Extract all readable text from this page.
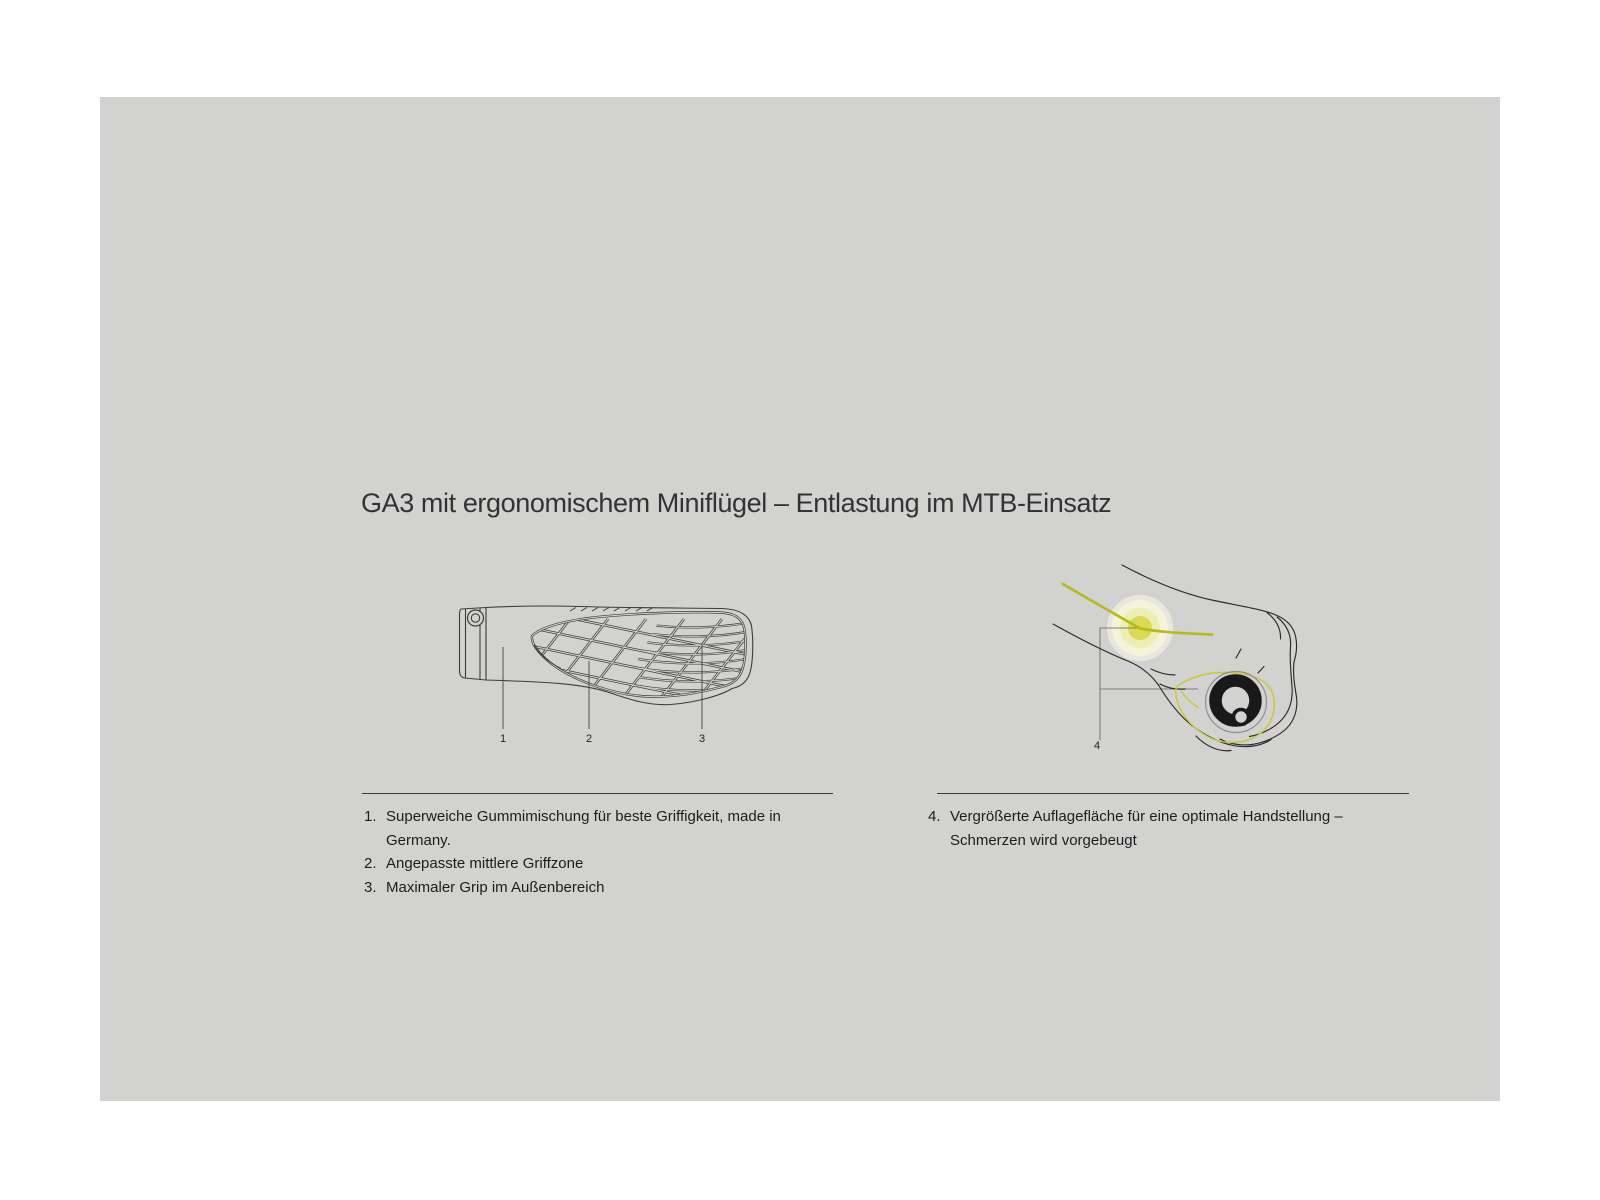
GA3 mit ergonomischem Miniflügel – Entlastung im MTB-Einsatz
1	2	3
4
1. Superweiche Gummimischung für beste Griffigkeit, made in
Germany.
2. Angepasste mittlere Griffzone
3. Maximaler Grip im Außenbereich
4. Vergrößerte Auflagefläche für eine optimale Handstellung –
Schmerzen wird vorgebeugt
